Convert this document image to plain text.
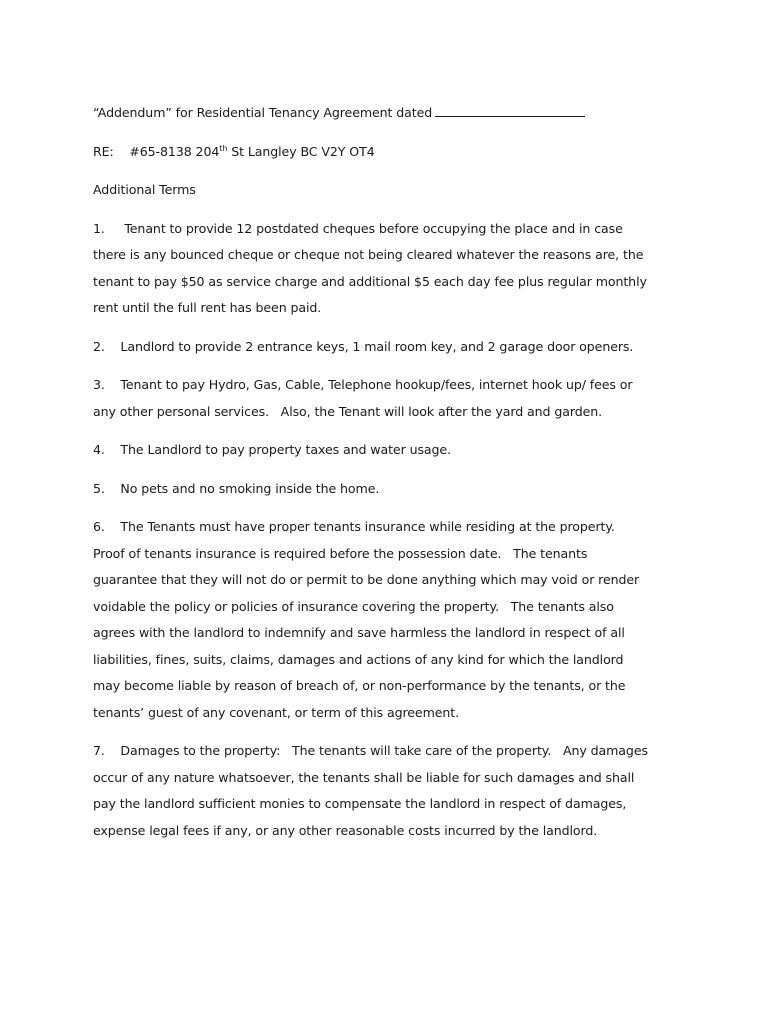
“Addendum” for Residential Tenancy Agreement dated

RE: #65-8138 204th St Langley BC V2Y OT4

Additional Terms

1.     Tenant to provide 12 postdated cheques before occupying the place and in case

there is any bounced cheque or cheque not being cleared whatever the reasons are, the

tenant to pay $50 as service charge and additional $5 each day fee plus regular monthly

rent until the full rent has been paid.

2.    Landlord to provide 2 entrance keys, 1 mail room key, and 2 garage door openers.

3.    Tenant to pay Hydro, Gas, Cable, Telephone hookup/fees, internet hook up/ fees or

any other personal services.   Also, the Tenant will look after the yard and garden.

4.    The Landlord to pay property taxes and water usage.

5.    No pets and no smoking inside the home.

6.    The Tenants must have proper tenants insurance while residing at the property.

Proof of tenants insurance is required before the possession date.   The tenants

guarantee that they will not do or permit to be done anything which may void or render

voidable the policy or policies of insurance covering the property.   The tenants also

agrees with the landlord to indemnify and save harmless the landlord in respect of all

liabilities, fines, suits, claims, damages and actions of any kind for which the landlord

may become liable by reason of breach of, or non-performance by the tenants, or the

tenants’ guest of any covenant, or term of this agreement.

7.    Damages to the property:   The tenants will take care of the property.   Any damages

occur of any nature whatsoever, the tenants shall be liable for such damages and shall

pay the landlord sufficient monies to compensate the landlord in respect of damages,

expense legal fees if any, or any other reasonable costs incurred by the landlord.
